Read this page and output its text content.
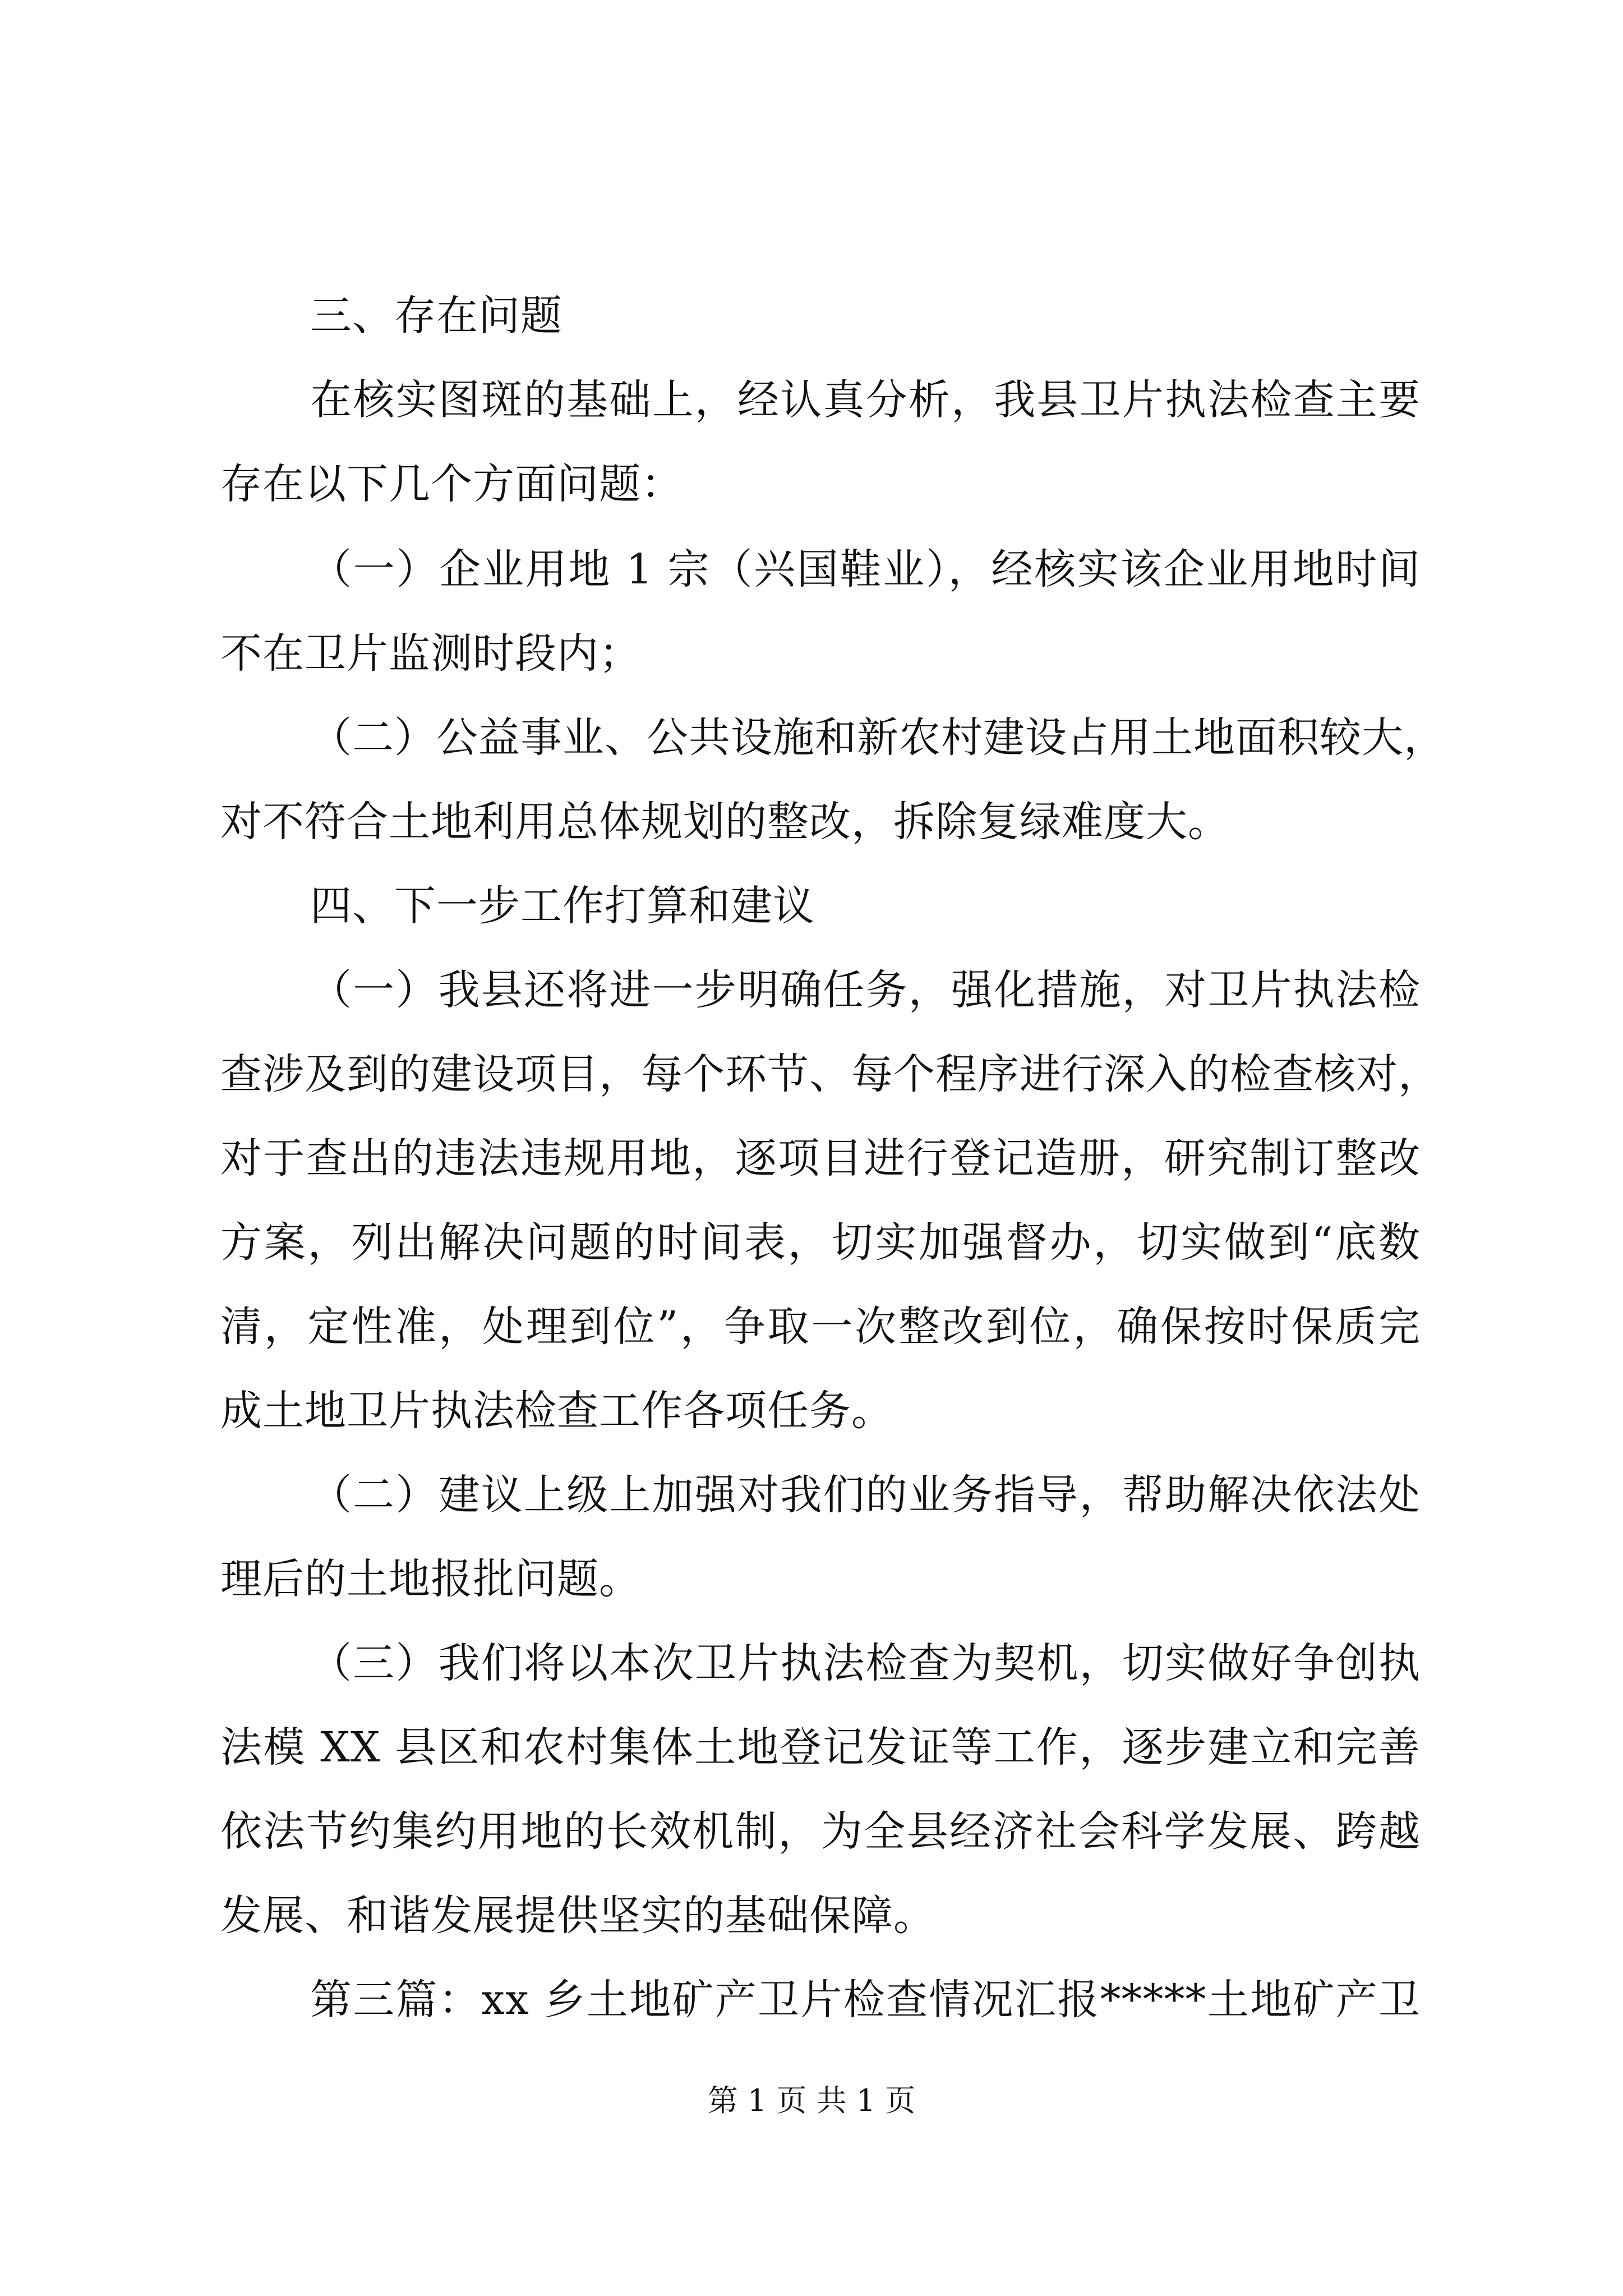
三、存在问题
在核实图斑的基础上，经认真分析，我县卫片执法检查主要
存在以下几个方面问题：
（一）企业用地 1 宗（兴国鞋业），经核实该企业用地时间
不在卫片监测时段内；
（二）公益事业、公共设施和新农村建设占用土地面积较大，
对不符合土地利用总体规划的整改，拆除复绿难度大。
四、下一步工作打算和建议
（一）我县还将进一步明确任务，强化措施，对卫片执法检
查涉及到的建设项目，每个环节、每个程序进行深入的检查核对，
对于查出的违法违规用地，逐项目进行登记造册，研究制订整改
方案，列出解决问题的时间表，切实加强督办，切实做到“底数
清，定性准，处理到位”，争取一次整改到位，确保按时保质完
成土地卫片执法检查工作各项任务。
（二）建议上级上加强对我们的业务指导，帮助解决依法处
理后的土地报批问题。
（三）我们将以本次卫片执法检查为契机，切实做好争创执
法模 XX 县区和农村集体土地登记发证等工作，逐步建立和完善
依法节约集约用地的长效机制，为全县经济社会科学发展、跨越
发展、和谐发展提供坚实的基础保障。
第三篇：xx 乡土地矿产卫片检查情况汇报*****土地矿产卫
第 1 页 共 1 页
